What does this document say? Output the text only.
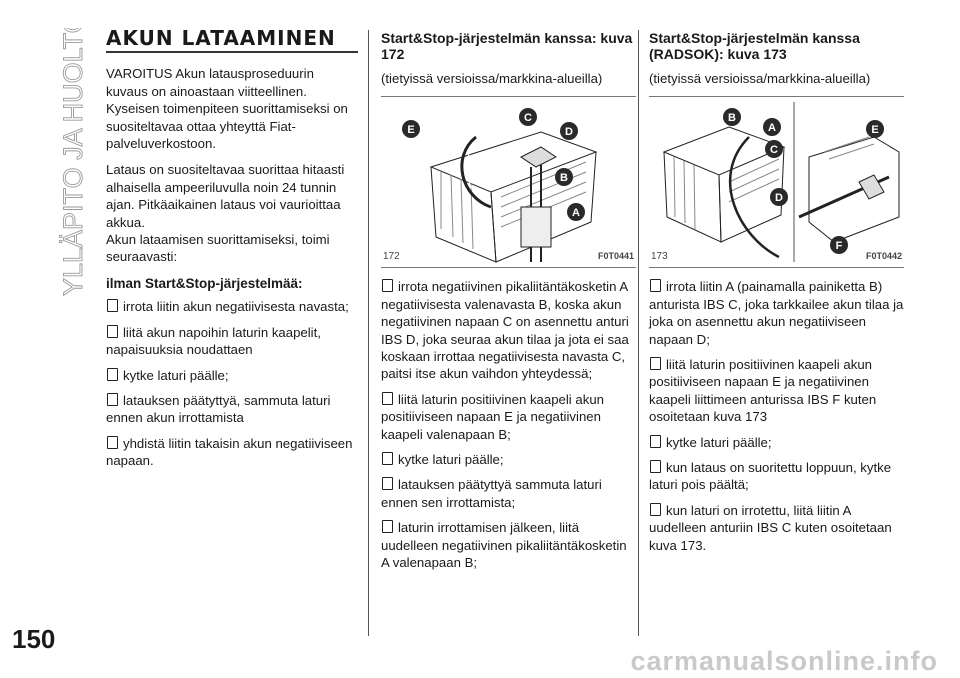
YLLÄPITO JA HUOLTO AKUN LATAAMINEN

VAROITUS Akun latausproseduurin kuvaus on ainoastaan viitteellinen. Kyseisen toimenpiteen suorittamiseksi on suositeltavaa ottaa yhteyttä Fiat-palveluverkostoon.

Lataus on suositeltavaa suorittaa hitaasti alhaisella ampeeriluvulla noin 24 tunnin ajan. Pitkäaikainen lataus voi vaurioittaa akkua.

Akun lataamisen suorittamiseksi, toimi seuraavasti:

ilman Start&Stop-järjestelmää:
irrota liitin akun negatiivisesta navasta;
liitä akun napoihin laturin kaapelit, napaisuuksia noudattaen
kytke laturi päälle;
latauksen päätyttyä, sammuta laturi ennen akun irrottamista
yhdistä liitin takaisin akun negatiiviseen napaan.
Start&Stop-järjestelmän kanssa: kuva 172

(tietyissä versioissa/markkina-alueilla)

E
C
D
B
A
172	F0T0441
irrota negatiivinen pikaliitäntäkosketin A negatiivisesta valenavasta B, koska akun negatiivinen napaan C on asennettu anturi IBS D, joka seuraa akun tilaa ja jota ei saa koskaan irrottaa negatiivisesta navasta C, paitsi itse akun vaihdon yhteydessä;
liitä laturin positiivinen kaapeli akun positiiviseen napaan E ja negatiivinen kaapeli valenapaan B;
kytke laturi päälle;
latauksen päätyttyä sammuta laturi ennen sen irrottamista;
laturin irrottamisen jälkeen, liitä uudelleen negatiivinen pikaliitäntäkosketin A valenapaan B;
Start&Stop-järjestelmän kanssa (RADSOK): kuva 173

(tietyissä versioissa/markkina-alueilla)

B
A
C
D
E
F
173	F0T0442
irrota liitin A (painamalla painiketta B) anturista IBS C, joka tarkkailee akun tilaa ja joka on asennettu akun negatiiviseen napaan D;
liitä laturin positiivinen kaapeli akun positiiviseen napaan E ja negatiivinen kaapeli liittimeen anturissa IBS F kuten osoitetaan kuva 173
kytke laturi päälle;
kun lataus on suoritettu loppuun, kytke laturi pois päältä;
kun laturi on irrotettu, liitä liitin A uudelleen anturiin IBS C kuten osoitetaan kuva 173.
150
carmanualsonline.info
